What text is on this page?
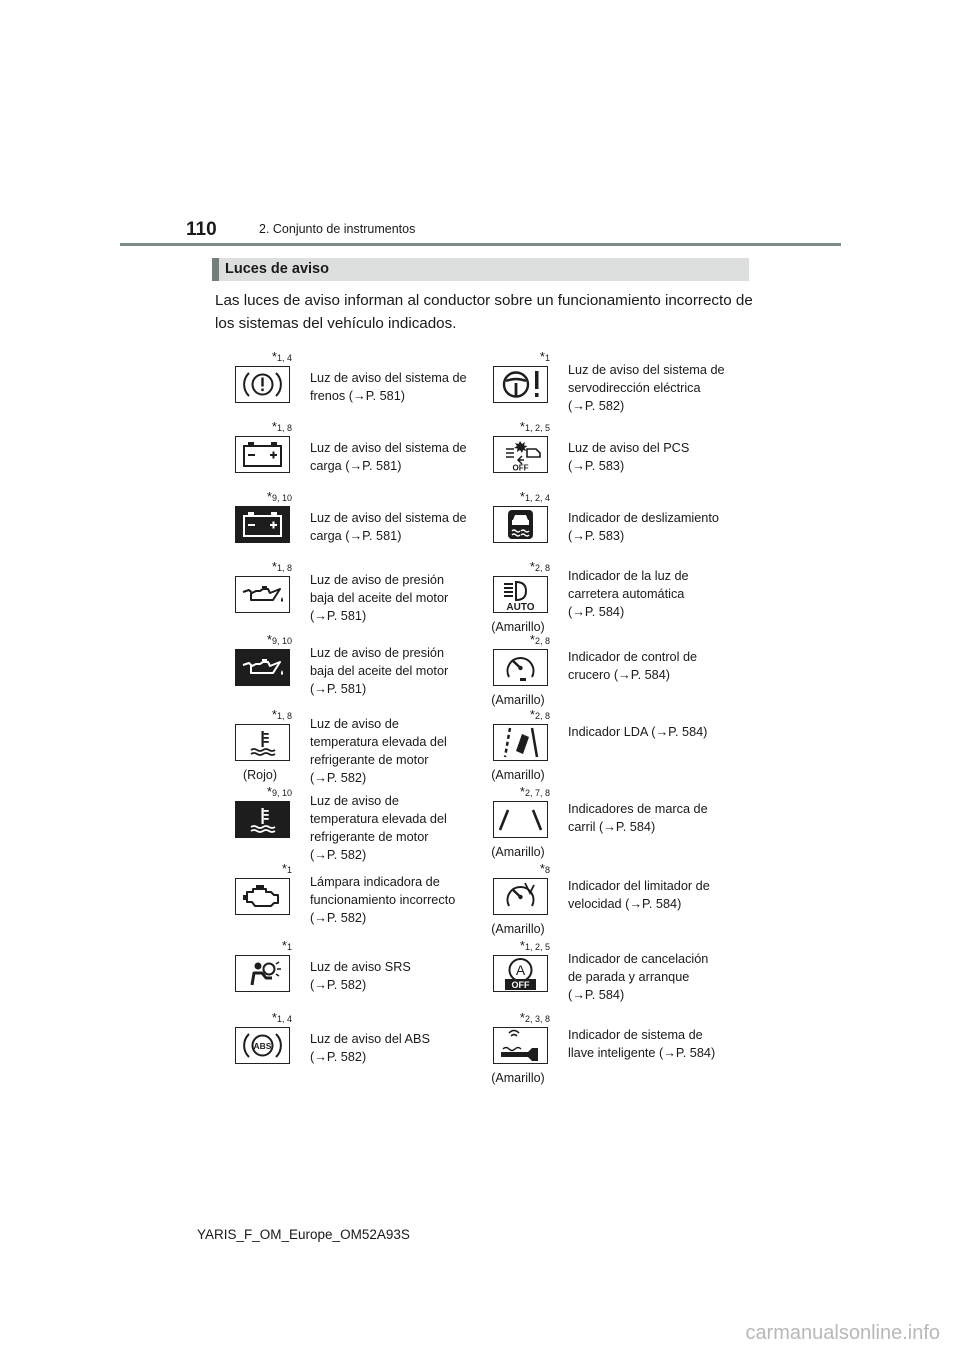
110	2. Conjunto de instrumentos
Luces de aviso
Las luces de aviso informan al conductor sobre un funcionamiento incorrecto de los sistemas del vehículo indicados.
*1, 4
Luz de aviso del sistema de
frenos (→P. 581)
*1, 8
Luz de aviso del sistema de
carga (→P. 581)
*9, 10
Luz de aviso del sistema de
carga (→P. 581)
*1, 8
Luz de aviso de presión
baja del aceite del motor
(→P. 581)
*9, 10
Luz de aviso de presión
baja del aceite del motor
(→P. 581)
*1, 8
(Rojo)
Luz de aviso de
temperatura elevada del
refrigerante de motor
(→P. 582)
*9, 10
Luz de aviso de
temperatura elevada del
refrigerante de motor
(→P. 582)
*1
Lámpara indicadora de
funcionamiento incorrecto
(→P. 582)
*1
Luz de aviso SRS
(→P. 582)
*1, 4
ABS	Luz de aviso del ABS
(→P. 582)
*1
Luz de aviso del sistema de
servodirección eléctrica
(→P. 582)
*1, 2, 5
OFF
Luz de aviso del PCS
(→P. 583)
*1, 2, 4
Indicador de deslizamiento
(→P. 583)
*2, 8
AUTO
(Amarillo)
Indicador de la luz de
carretera automática
(→P. 584)
*2, 8
(Amarillo)
Indicador de control de
crucero (→P. 584)
*2, 8
(Amarillo)
Indicador LDA (→P. 584)
*2, 7, 8
(Amarillo)
Indicadores de marca de
carril (→P. 584)
*8
(Amarillo)
Indicador del limitador de
velocidad (→P. 584)
*1, 2, 5
A
OFF
Indicador de cancelación
de parada y arranque
(→P. 584)
*2, 3, 8
(Amarillo)
Indicador de sistema de
llave inteligente (→P. 584)
YARIS_F_OM_Europe_OM52A93S
carmanualsonline.info
